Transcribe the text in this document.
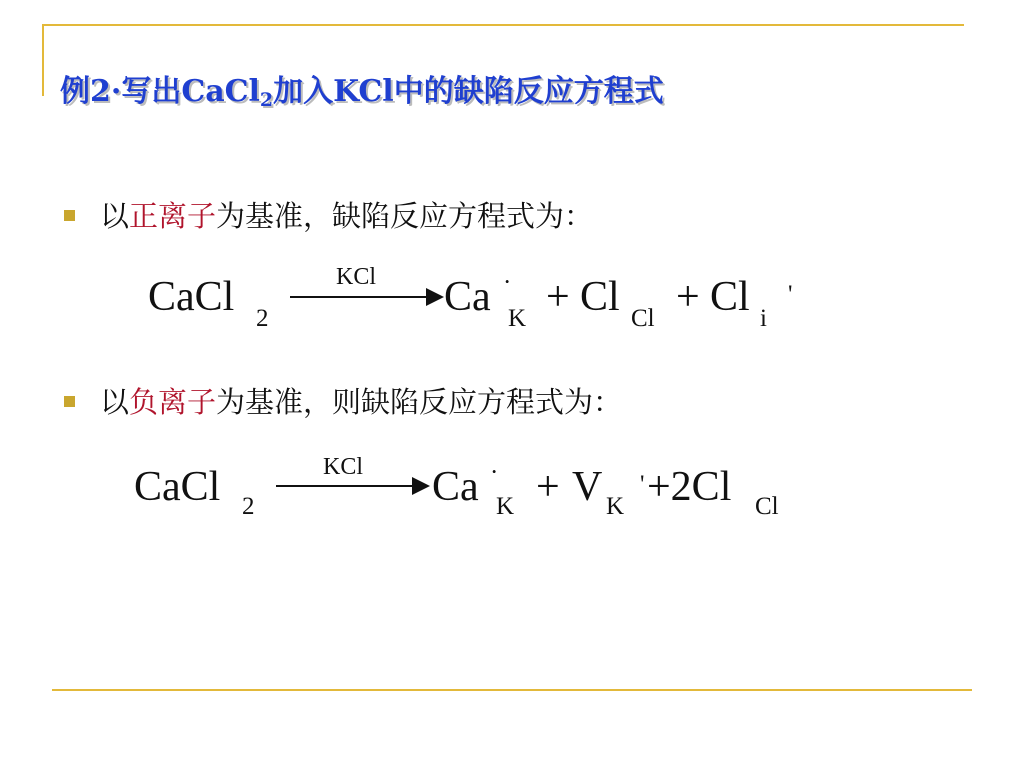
例2·写出CaCl$_2$加入KCl中的缺陷反应方程式
以正离子为基准，缺陷反应方程式为：
CaCl 2
KCl Ca ·
K + Cl Cl + Cl i
'
以负离子为基准，则缺陷反应方程式为：
CaCl 2
KCl Ca ·
K + V K
' +2Cl Cl
